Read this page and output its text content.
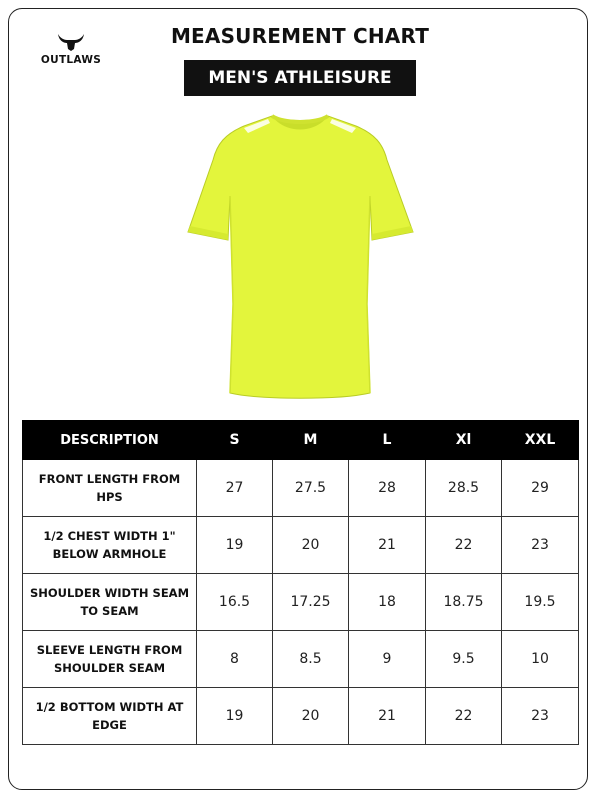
OUTLAWS
MEASUREMENT CHART
MEN'S ATHLEISURE
DESCRIPTION	S	M	L	Xl	XXL
FRONT LENGTH FROM HPS	27	27.5	28	28.5	29
1/2 CHEST WIDTH 1" BELOW ARMHOLE	19	20	21	22	23
SHOULDER WIDTH SEAM TO SEAM	16.5	17.25	18	18.75	19.5
SLEEVE LENGTH FROM SHOULDER SEAM	8	8.5	9	9.5	10
1/2 BOTTOM WIDTH AT EDGE	19	20	21	22	23
